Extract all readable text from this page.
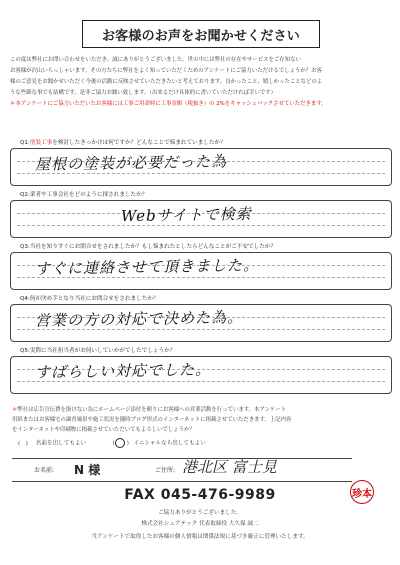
お客様のお声をお聞かせください

この度は弊社にお問い合わせをいただき、誠にありがとうございました。世の中には弊社の存在やサービスをご存知ない

お客様が沢山いらっしゃいます。その方たちに弊社をよく知っていただくためのアンケートにご協力いただけるでしょうか？お客

様のご意見をお聞かせいただく今後の活動に反映させていただきたいと考えております。良かったこと、嬉しかったことなどのよ

うな些細な事でも結構です。是非ご協力お願い致します。（出来るだけ具体的に書いていただければ幸いです）

＊本アンケートにご協力いただいたお客様には工事ご用命時に工事金額（税抜き）の 2%をキャッシュバックさせていただきます。

Q1:塗装工事を検討したきっかけは何ですか？どんなことで悩まれていましたか？
屋根の塗装が必要だった為
Q2:業者や工事会社をどのように探されましたか？
Webサイトで検索
Q3:当社を知りすぐにお問合せをされましたか？もし悩まれたとしたらどんなことがご不安でしたか？
すぐに連絡させて頂きました。
Q4:何が決め手となり当社にお問合せをされましたか？
営業の方の対応で決めた為。
Q5:実際に当社担当者がお伺いしていかがでしたでしょうか？
すばらしい対応でした。
＊弊社は広告宣伝費を掛けない為にホームページ添付を頼りにお客様への営業活動を行っています。本アンケート
用紙またはお客様宅の調査風景や施工状況を随時ブログ形式のインターネットに掲載させていただきます。上記内容
をインターネットや印刷物に掲載させていただいてもよろしいでしょうか？
(　) 名前を出してもよい	( ) イニシャルなら出してもよい
お名前: N 様	ご住所: 港北区 富士見
珍本
FAX 045-476-9989
ご協力ありがとうございました。
株式会社シェアテック 代表取締役 大久保 誠二
当アンケートで取得したお客様の個人情報は関係法規に基づき厳正に管理いたします。
